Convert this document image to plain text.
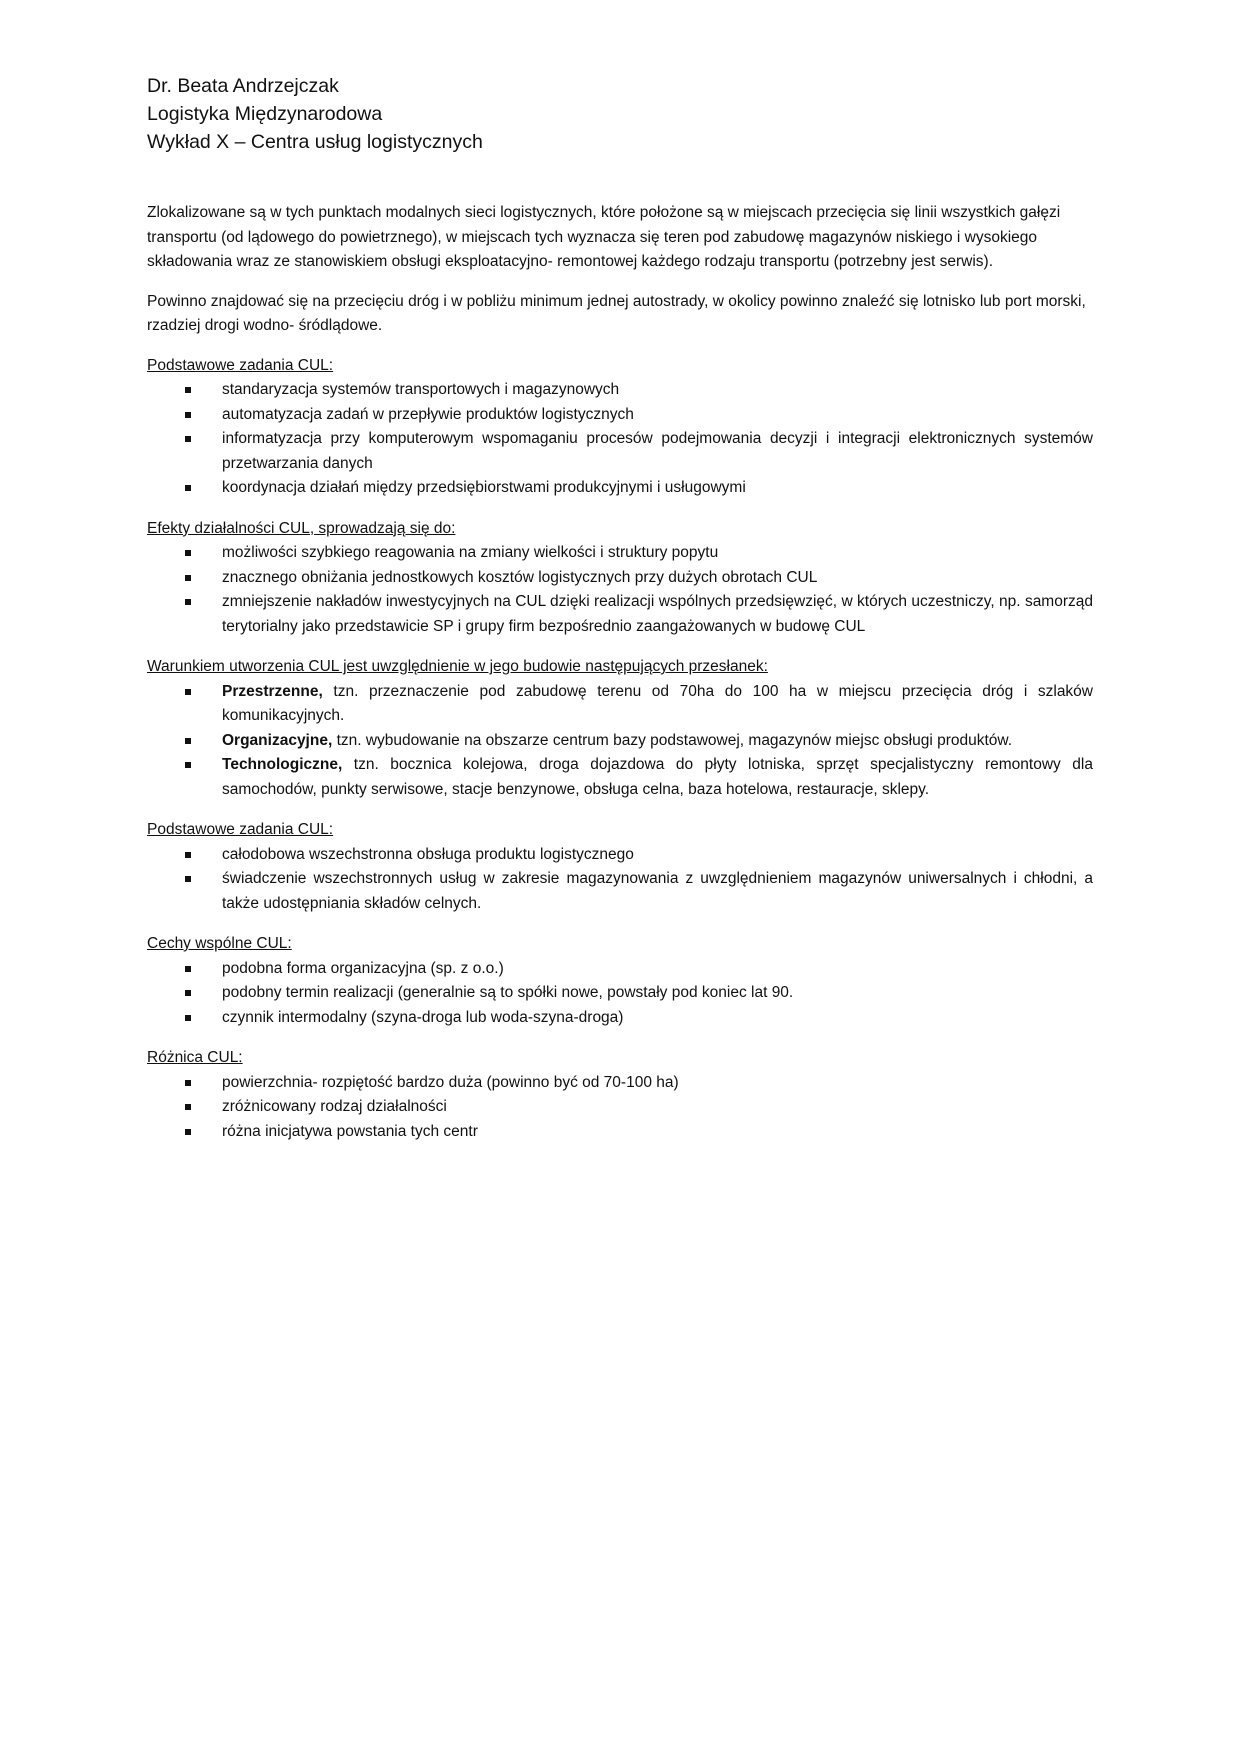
Dr. Beata Andrzejczak
Logistyka Międzynarodowa
Wykład X – Centra usług logistycznych

Zlokalizowane są w tych punktach modalnych sieci logistycznych, które położone są w miejscach przecięcia się linii wszystkich gałęzi transportu (od lądowego do powietrznego), w miejscach tych wyznacza się teren pod zabudowę magazynów niskiego i wysokiego składowania wraz ze stanowiskiem obsługi eksploatacyjno- remontowej każdego rodzaju transportu (potrzebny jest serwis).

Powinno znajdować się na przecięciu dróg i w pobliżu minimum jednej autostrady, w okolicy powinno znaleźć się lotnisko lub port morski, rzadziej drogi wodno- śródlądowe.

Podstawowe zadania CUL:
standaryzacja systemów transportowych i magazynowych
automatyzacja zadań w przepływie produktów logistycznych
informatyzacja przy komputerowym wspomaganiu procesów podejmowania decyzji i integracji elektronicznych systemów przetwarzania danych
koordynacja działań między przedsiębiorstwami produkcyjnymi i usługowymi
Efekty działalności CUL, sprowadzają się do:
możliwości szybkiego reagowania na zmiany wielkości i struktury popytu
znacznego obniżania jednostkowych kosztów logistycznych przy dużych obrotach CUL
zmniejszenie nakładów inwestycyjnych na CUL dzięki realizacji wspólnych przedsięwzięć, w których uczestniczy, np. samorząd terytorialny jako przedstawicie SP i grupy firm bezpośrednio zaangażowanych w budowę CUL
Warunkiem utworzenia CUL jest uwzględnienie w jego budowie następujących przesłanek:
Przestrzenne, tzn. przeznaczenie pod zabudowę terenu od 70ha do 100 ha w miejscu przecięcia dróg i szlaków komunikacyjnych.
Organizacyjne, tzn. wybudowanie na obszarze centrum bazy podstawowej, magazynów miejsc obsługi produktów.
Technologiczne, tzn. bocznica kolejowa, droga dojazdowa do płyty lotniska, sprzęt specjalistyczny remontowy dla samochodów, punkty serwisowe, stacje benzynowe, obsługa celna, baza hotelowa, restauracje, sklepy.
Podstawowe zadania CUL:
całodobowa wszechstronna obsługa produktu logistycznego
świadczenie wszechstronnych usług w zakresie magazynowania z uwzględnieniem magazynów uniwersalnych i chłodni, a także udostępniania składów celnych.
Cechy wspólne CUL:
podobna forma organizacyjna (sp. z o.o.)
podobny termin realizacji (generalnie są to spółki nowe, powstały pod koniec lat 90.
czynnik intermodalny (szyna-droga lub woda-szyna-droga)
Różnica CUL:
powierzchnia- rozpiętość bardzo duża (powinno być od 70-100 ha)
zróżnicowany rodzaj działalności
różna inicjatywa powstania tych centr
